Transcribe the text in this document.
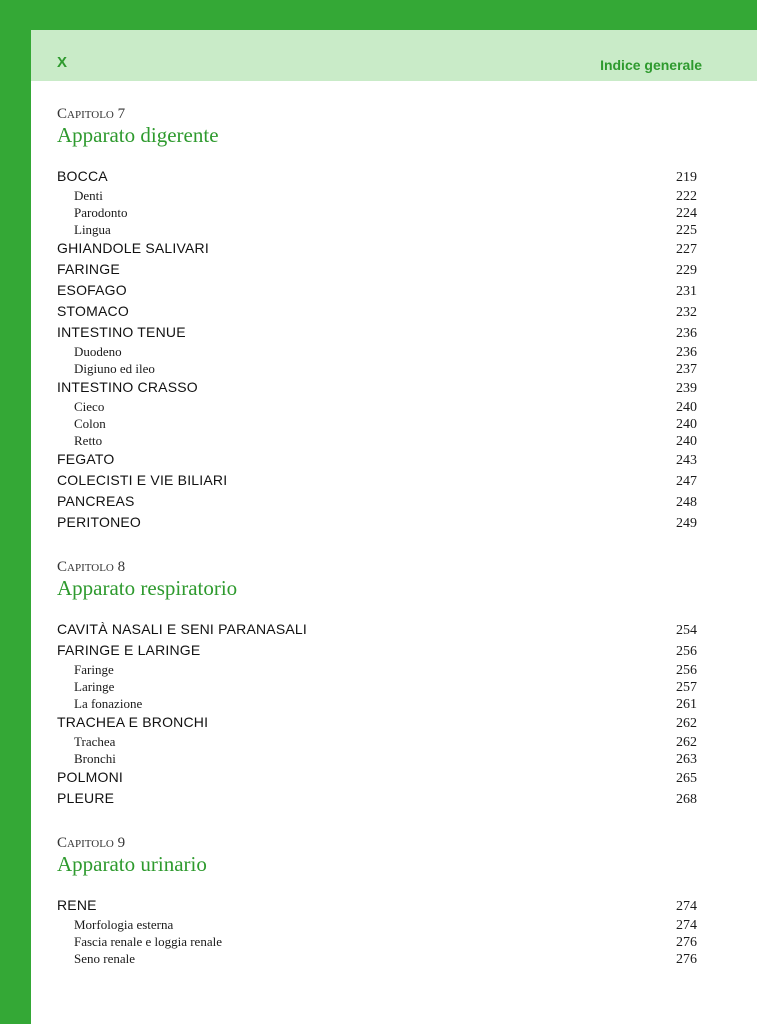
X	Indice generale
Capitolo 7
Apparato digerente
BOCCA	219
Denti	222
Parodonto	224
Lingua	225
GHIANDOLE SALIVARI	227
FARINGE	229
ESOFAGO	231
STOMACO	232
INTESTINO TENUE	236
Duodeno	236
Digiuno ed ileo	237
INTESTINO CRASSO	239
Cieco	240
Colon	240
Retto	240
FEGATO	243
COLECISTI E VIE BILIARI	247
PANCREAS	248
PERITONEO	249
Capitolo 8
Apparato respiratorio
CAVITÀ NASALI E SENI PARANASALI	254
FARINGE E LARINGE	256
Faringe	256
Laringe	257
La fonazione	261
TRACHEA E BRONCHI	262
Trachea	262
Bronchi	263
POLMONI	265
PLEURE	268
Capitolo 9
Apparato urinario
RENE	274
Morfologia esterna	274
Fascia renale e loggia renale	276
Seno renale	276
